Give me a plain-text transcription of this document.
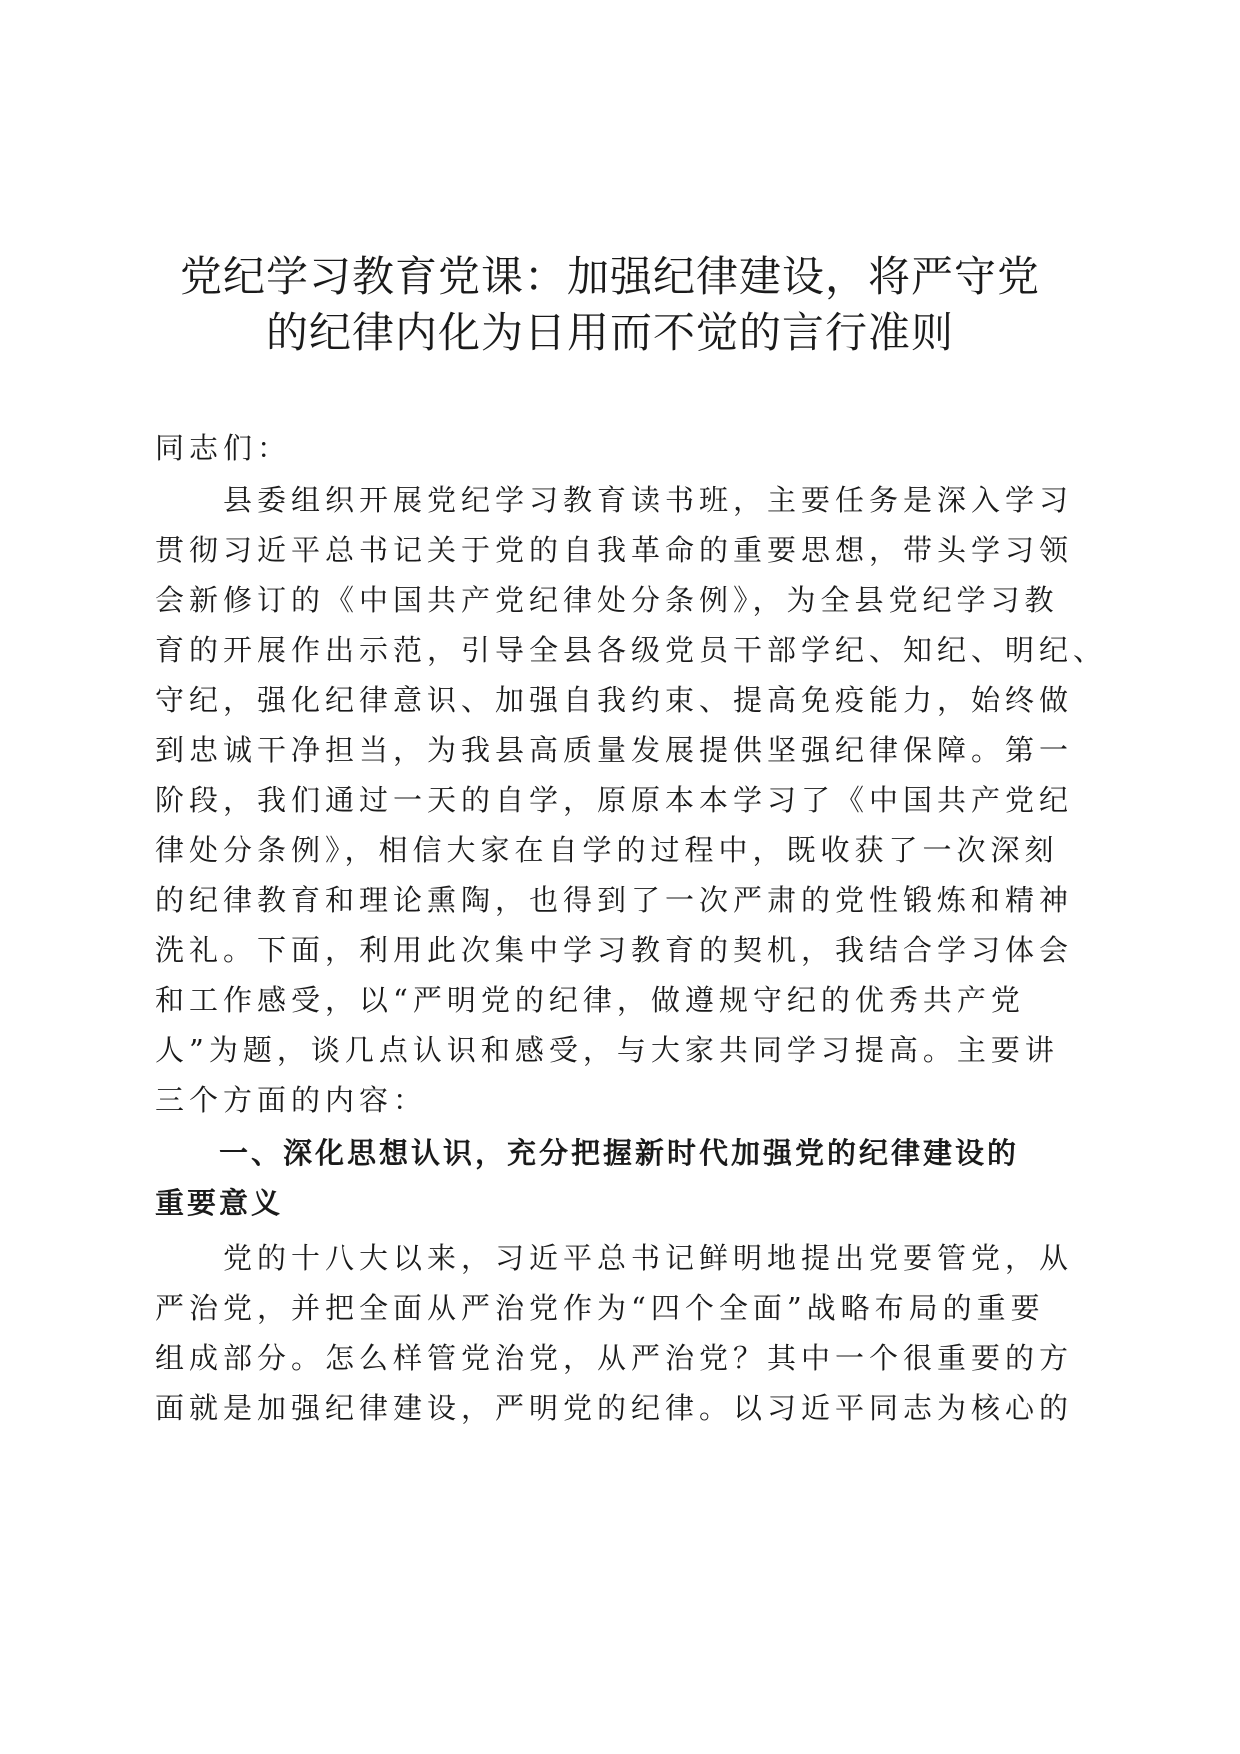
党纪学习教育党课：加强纪律建设，将严守党
的纪律内化为日用而不觉的言行准则

同志们：

　　县委组织开展党纪学习教育读书班，主要任务是深入学习

贯彻习近平总书记关于党的自我革命的重要思想，带头学习领

会新修订的《中国共产党纪律处分条例》，为全县党纪学习教

育的开展作出示范，引导全县各级党员干部学纪、知纪、明纪、

守纪，强化纪律意识、加强自我约束、提高免疫能力，始终做

到忠诚干净担当，为我县高质量发展提供坚强纪律保障。第一

阶段，我们通过一天的自学，原原本本学习了《中国共产党纪

律处分条例》，相信大家在自学的过程中，既收获了一次深刻

的纪律教育和理论熏陶，也得到了一次严肃的党性锻炼和精神

洗礼。下面，利用此次集中学习教育的契机，我结合学习体会

和工作感受，以“严明党的纪律，做遵规守纪的优秀共产党

人”为题，谈几点认识和感受，与大家共同学习提高。主要讲

三个方面的内容：

　　一、深化思想认识，充分把握新时代加强党的纪律建设的

重要意义

　　党的十八大以来，习近平总书记鲜明地提出党要管党，从

严治党，并把全面从严治党作为“四个全面”战略布局的重要

组成部分。怎么样管党治党，从严治党？其中一个很重要的方

面就是加强纪律建设，严明党的纪律。以习近平同志为核心的
